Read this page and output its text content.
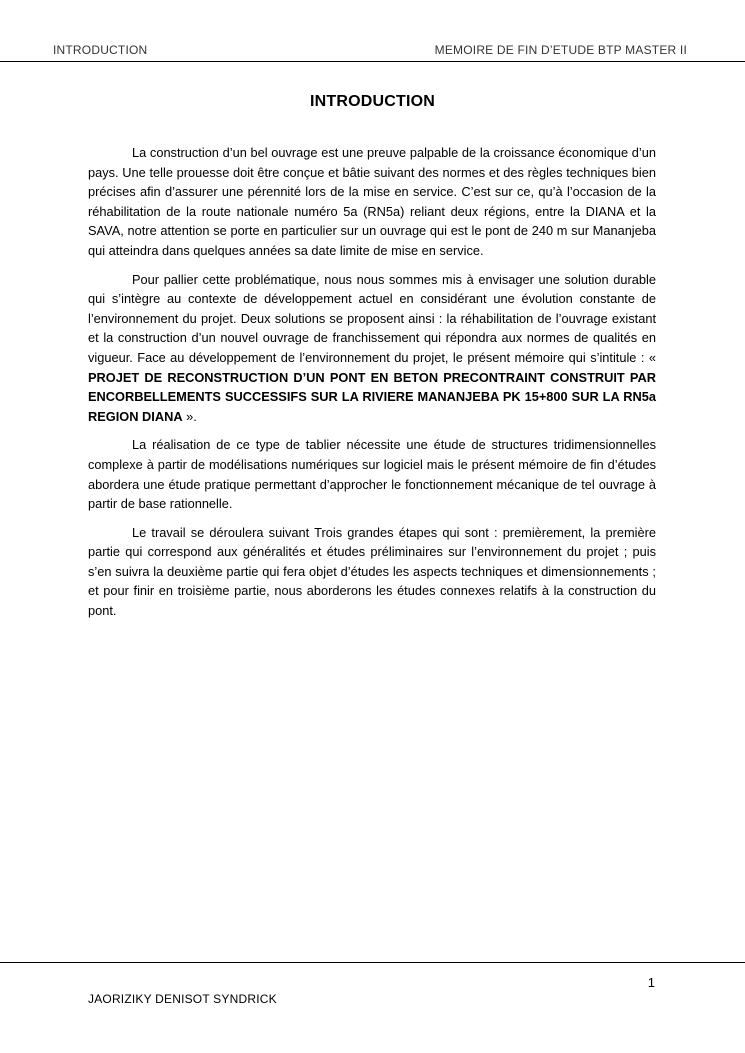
INTRODUCTION	MEMOIRE DE FIN D’ETUDE BTP MASTER II
INTRODUCTION

La construction d’un bel ouvrage est une preuve palpable de la croissance économique d’un pays. Une telle prouesse doit être conçue et bâtie suivant des normes et des règles techniques bien précises afin d’assurer une pérennité lors de la mise en service. C’est sur ce, qu’à l’occasion de la réhabilitation de la route nationale numéro 5a (RN5a) reliant deux régions, entre la DIANA et la SAVA, notre attention se porte en particulier sur un ouvrage qui est le pont de 240 m sur Mananjeba qui atteindra dans quelques années sa date limite de mise en service.

Pour pallier cette problématique, nous nous sommes mis à envisager une solution durable qui s’intègre au contexte de développement actuel en considérant une évolution constante de l’environnement du projet. Deux solutions se proposent ainsi : la réhabilitation de l’ouvrage existant et la construction d’un nouvel ouvrage de franchissement qui répondra aux normes de qualités en vigueur. Face au développement de l’environnement du projet, le présent mémoire qui s’intitule : « PROJET DE RECONSTRUCTION D’UN PONT EN BETON PRECONTRAINT CONSTRUIT PAR ENCORBELLEMENTS SUCCESSIFS SUR LA RIVIERE MANANJEBA PK 15+800 SUR LA RN5a REGION DIANA ».

La réalisation de ce type de tablier nécessite une étude de structures tridimensionnelles complexe à partir de modélisations numériques sur logiciel mais le présent mémoire de fin d’études abordera une étude pratique permettant d’approcher le fonctionnement mécanique de tel ouvrage à partir de base rationnelle.

Le travail se déroulera suivant Trois grandes étapes qui sont : premièrement, la première partie qui correspond aux généralités et études préliminaires sur l’environnement du projet ; puis s’en suivra la deuxième partie qui fera objet d’études les aspects techniques et dimensionnements ; et pour finir en troisième partie, nous aborderons les études connexes relatifs à la construction du pont.

1
JAORIZIKY DENISOT SYNDRICK
